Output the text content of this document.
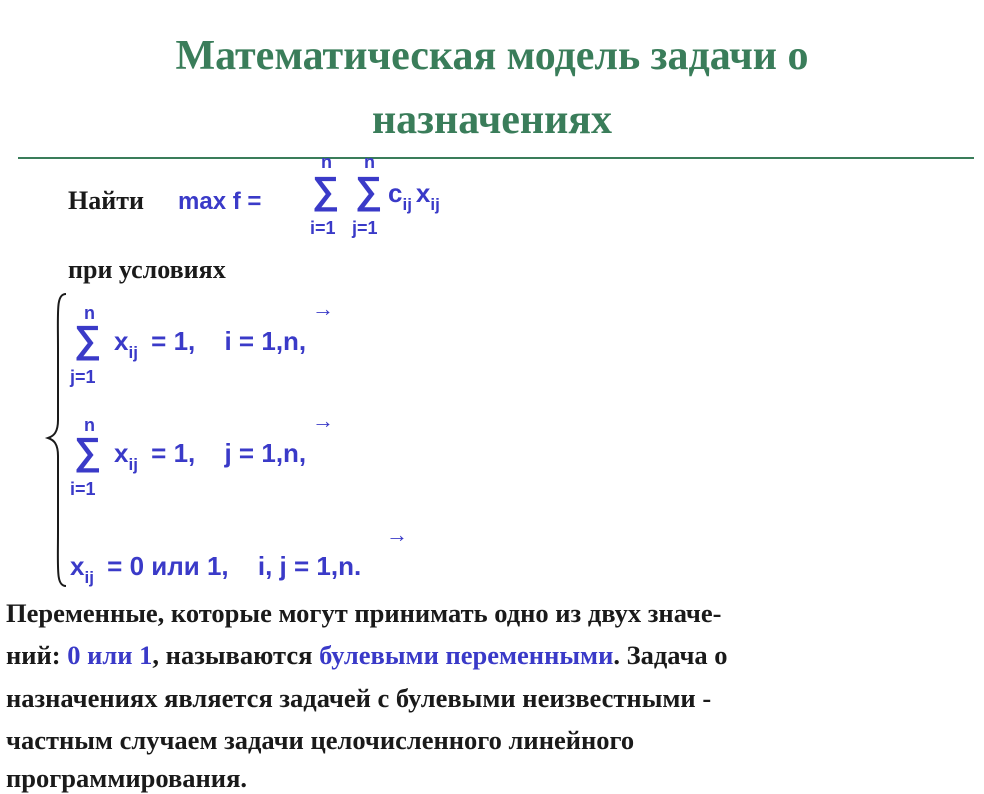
Математическая модель задачи о
назначениях
Найти max f =
n
∑
i=1
n
∑
j=1
$c_{ij}$ $x_{ij}$
при условиях
n
∑
j=1
$x_{ij} = 1$, i = 1,n,
→
n
∑
i=1
$x_{ij} = 1$, j = 1,n,
→
$x_{ij} = 0$ или 1, i, j = 1,n.
→
Переменные, которые могут принимать одно из двух значе-
ний: 0 или 1, называются булевыми переменными. Задача о
назначениях является задачей с булевыми неизвестными -
частным случаем задачи целочисленного линейного
программирования.
